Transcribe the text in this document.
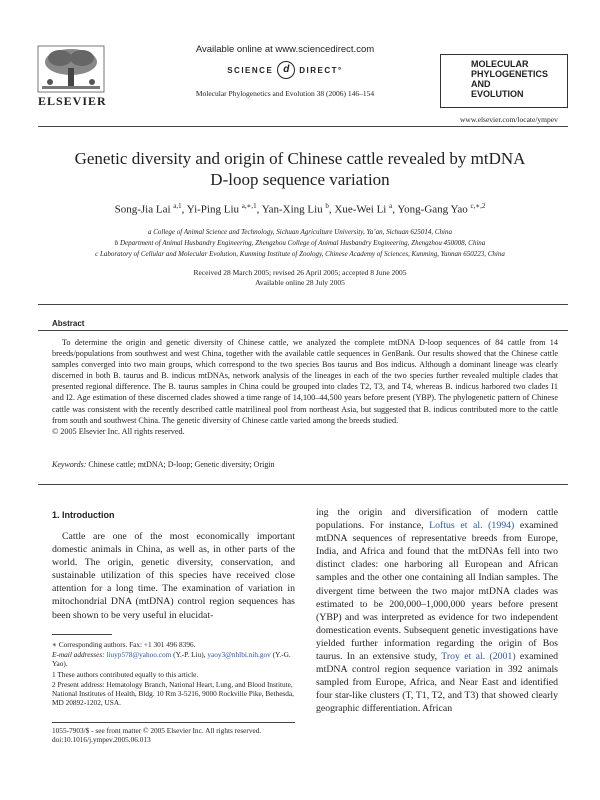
ELSEVIER
Available online at www.sciencedirect.com
SCIENCE d	DIRECT°
Molecular Phylogenetics and Evolution 38 (2006) 146–154
MOLECULAR
PHYLOGENETICS
AND
EVOLUTION
www.elsevier.com/locate/ympev
Genetic diversity and origin of Chinese cattle revealed by mtDNA
D-loop sequence variation
Song-Jia Lai $^{a,1}$, Yi-Ping Liu $^{a,∗,1}$, Yan-Xing Liu $^b$, Xue-Wei Li $^a$, Yong-Gang Yao $^{c,∗,2}$
a College of Animal Science and Technology, Sichuan Agriculture University, Ya’an, Sichuan 625014, China
b Department of Animal Husbandry Engineering, Zhengzhou College of Animal Husbandry Engineering, Zhengzhou 450008, China
c Laboratory of Cellular and Molecular Evolution, Kunming Institute of Zoology, Chinese Academy of Sciences, Kunming, Yunnan 650223, China
Received 28 March 2005; revised 26 April 2005; accepted 8 June 2005
Available online 28 July 2005
Abstract
To determine the origin and genetic diversity of Chinese cattle, we analyzed the complete mtDNA D-loop sequences of 84 cattle from 14 breeds/populations from southwest and west China, together with the available cattle sequences in GenBank. Our results showed that the Chinese cattle samples converged into two main groups, which correspond to the two species Bos taurus and Bos indicus. Although a dominant lineage was clearly discerned in both B. taurus and B. indicus mtDNAs, network analysis of the lineages in each of the two species further revealed multiple clades that presented regional difference. The B. taurus samples in China could be grouped into clades T2, T3, and T4, whereas B. indicus harbored two clades I1 and I2. Age estimation of these discerned clades showed a time range of 14,100–44,500 years before present (YBP). The phylogenetic pattern of Chinese cattle was consistent with the recently described cattle matrilineal pool from northeast Asia, but suggested that B. indicus contributed more to the cattle from south and southwest China. The genetic diversity of Chinese cattle varied among the breeds studied.
© 2005 Elsevier Inc. All rights reserved.
Keywords: Chinese cattle; mtDNA; D-loop; Genetic diversity; Origin
1. Introduction
Cattle are one of the most economically important domestic animals in China, as well as, in other parts of the world. The origin, genetic diversity, conservation, and sustainable utilization of this species have received close attention for a long time. The examination of variation in mitochondrial DNA (mtDNA) control region sequences has been shown to be very useful in elucidat-
ing the origin and diversification of modern cattle populations. For instance, Loftus et al. (1994) examined mtDNA sequences of representative breeds from Europe, India, and Africa and found that the mtDNAs fell into two distinct clades: one harboring all European and African samples and the other one containing all Indian samples. The divergent time between the two major mtDNA clades was estimated to be 200,000–1,000,000 years before present (YBP) and was interpreted as evidence for two independent domestication events. Subsequent genetic investigations have yielded further information regarding the origin of Bos taurus. In an extensive study, Troy et al. (2001) examined mtDNA control region sequence variation in 392 animals sampled from Europe, Africa, and Near East and identified four star-like clusters (T, T1, T2, and T3) that showed clearly geographic differentiation. African

∗ Corresponding authors. Fax: +1 301 496 8396.

E-mail addresses: liuyp578@yahoo.com (Y.-P. Liu), yaoy3@nhlbi.nih.gov (Y.-G. Yao).

1 These authors contributed equally to this article.

2 Present address: Hematology Branch, National Heart, Lung, and Blood Institute, National Institutes of Health, Bldg. 10 Rm 3-5216, 9000 Rockville Pike, Bethesda, MD 20892-1202, USA.

1055-7903/$ - see front matter © 2005 Elsevier Inc. All rights reserved.
doi:10.1016/j.ympev.2005.06.013
